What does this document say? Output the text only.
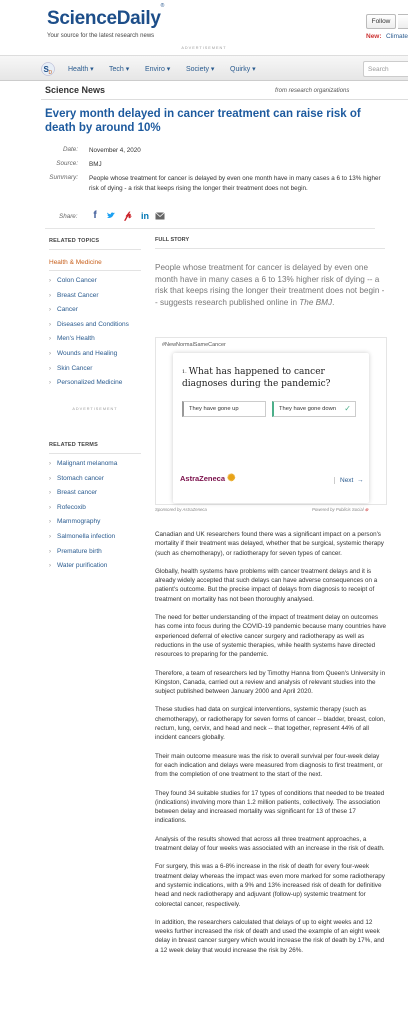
ScienceDaily®
Your source for the latest research news
Follow
New: Climate
ADVERTISEMENT
S D Health ▾ Tech ▾ Enviro ▾ Society ▾ Quirky ▾	Search
Science News	from research organizations
Every month delayed in cancer treatment can raise risk of death by around 10%
Date: November 4, 2020
Source: BMJ
Summary: People whose treatment for cancer is delayed by even one month have in many cases a 6 to 13% higher risk of dying - a risk that keeps rising the longer their treatment does not begin.
Share:	f	𝓅 in
RELATED TOPICS
Health & Medicine
› Colon Cancer
› Breast Cancer
› Cancer
› Diseases and Conditions
› Men's Health
› Wounds and Healing
› Skin Cancer
› Personalized Medicine
ADVERTISEMENT
RELATED TERMS
› Malignant melanoma
› Stomach cancer
› Breast cancer
› Rofecoxib
› Mammography
› Salmonella infection
› Premature birth
› Water purification
FULL STORY
People whose treatment for cancer is delayed by even one month have in many cases a 6 to 13% higher risk of dying -- a risk that keeps rising the longer their treatment does not begin -- suggests research published online in The BMJ.
#NewNormalSameCancer
$^{1.}$ What has happened to cancer diagnoses during the pandemic?
They have gone up	They have gone down ✓
AstraZeneca ✺	Next  →
Sponsored by AstraZeneca	Powered by Publicis Social ⊗

Canadian and UK researchers found there was a significant impact on a person's mortality if their treatment was delayed, whether that be surgical, systemic therapy (such as chemotherapy), or radiotherapy for seven types of cancer.

Globally, health systems have problems with cancer treatment delays and it is already widely accepted that such delays can have adverse consequences on a patient's outcome. But the precise impact of delays from diagnosis to receipt of treatment on mortality has not been thoroughly analysed.

The need for better understanding of the impact of treatment delay on outcomes has come into focus during the COVID-19 pandemic because many countries have experienced deferral of elective cancer surgery and radiotherapy as well as reductions in the use of systemic therapies, while health systems have directed resources to preparing for the pandemic.

Therefore, a team of researchers led by Timothy Hanna from Queen's University in Kingston, Canada, carried out a review and analysis of relevant studies into the subject published between January 2000 and April 2020.

These studies had data on surgical interventions, systemic therapy (such as chemotherapy), or radiotherapy for seven forms of cancer -- bladder, breast, colon, rectum, lung, cervix, and head and neck -- that together, represent 44% of all incident cancers globally.

Their main outcome measure was the risk to overall survival per four-week delay for each indication and delays were measured from diagnosis to first treatment, or from the completion of one treatment to the start of the next.

They found 34 suitable studies for 17 types of conditions that needed to be treated (indications) involving more than 1.2 million patients, collectively. The association between delay and increased mortality was significant for 13 of these 17 indications.

Analysis of the results showed that across all three treatment approaches, a treatment delay of four weeks was associated with an increase in the risk of death.

For surgery, this was a 6-8% increase in the risk of death for every four-week treatment delay whereas the impact was even more marked for some radiotherapy and systemic indications, with a 9% and 13% increased risk of death for definitive head and neck radiotherapy and adjuvant (follow-up) systemic treatment for colorectal cancer, respectively.

In addition, the researchers calculated that delays of up to eight weeks and 12 weeks further increased the risk of death and used the example of an eight week delay in breast cancer surgery which would increase the risk of death by 17%, and a 12 week delay that would increase the risk by 26%.
